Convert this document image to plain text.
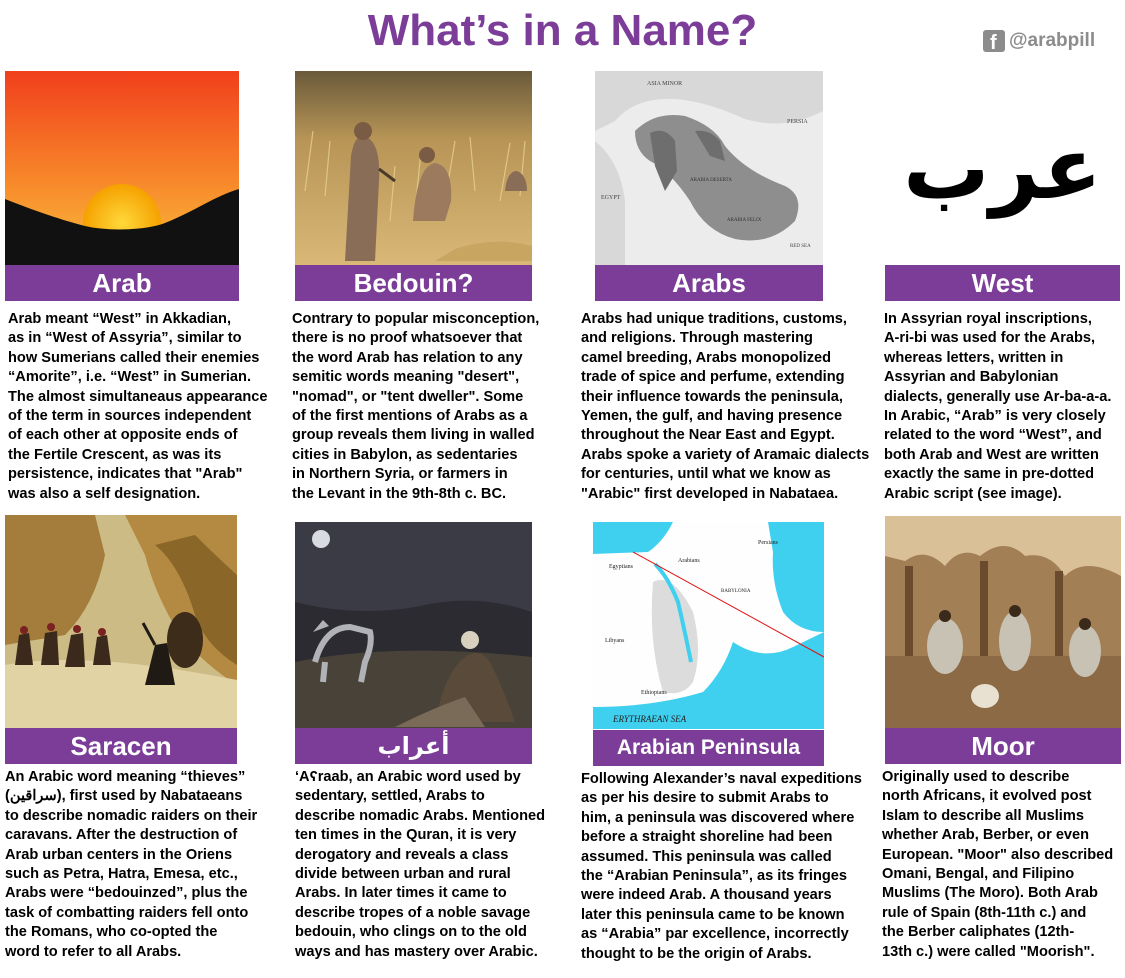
What’s in a Name?	f @arabpill
Arab

Arab meant “West” in Akkadian,

as in “West of Assyria”, similar to

how Sumerians called their enemies

“Amorite”, i.e. “West” in Sumerian.

The almost simultaneaus appearance

of the term in sources independent

of each other at opposite ends of

the Fertile Crescent, as was its

persistence, indicates that "Arab"

was also a self designation.

Bedouin?

Contrary to popular misconception,

there is no proof whatsoever that

the word Arab has relation to any

semitic words meaning "desert",

"nomad", or "tent dweller". Some

of the first mentions of Arabs as a

group reveals them living in walled

cities in Babylon, as sedentaries

in Northern Syria, or farmers in

the Levant in the 9th-8th c. BC.

ASIA MINOR
PERSIA
EGYPT
ARABIA DESERTA
ARABIA FELIX
RED SEA
Arabs

Arabs had unique traditions, customs,

and religions. Through mastering

camel breeding, Arabs monopolized

trade of spice and perfume, extending

their influence towards the peninsula,

Yemen, the gulf, and having presence

throughout the Near East and Egypt.

Arabs spoke a variety of Aramaic dialects

for centuries, until what we know as

"Arabic" first developed in Nabataea.

عرب
West

In Assyrian royal inscriptions,

A-ri-bi was used for the Arabs,

whereas letters, written in

Assyrian and Babylonian

dialects, generally use Ar-ba-a-a.

In Arabic, “Arab” is very closely

related to the word “West”, and

both Arab and West are written

exactly the same in pre-dotted

Arabic script (see image).

Saracen

An Arabic word meaning “thieves”

(سراقين), first used by Nabataeans

to describe nomadic raiders on their

caravans. After the destruction of

Arab urban centers in the Oriens

such as Petra, Hatra, Emesa, etc.,

Arabs were “bedouinzed”, plus the

task of combatting raiders fell onto

the Romans, who co-opted the

word to refer to all Arabs.

أعراب

‘Aʕraab, an Arabic word used by

sedentary, settled, Arabs to

describe nomadic Arabs. Mentioned

ten times in the Quran, it is very

derogatory and reveals a class

divide between urban and rural

Arabs. In later times it came to

describe tropes of a noble savage

bedouin, who clings on to the old

ways and has mastery over Arabic.

ERYTHRAEAN SEA
Persians
Egyptians
Libyans
Ethiopians
BABYLONIA
Arabians
Arabian Peninsula

Following Alexander’s naval expeditions

as per his desire to submit Arabs to

him, a peninsula was discovered where

before a straight shoreline had been

assumed. This peninsula was called

the “Arabian Peninsula”, as its fringes

were indeed Arab. A thousand years

later this peninsula came to be known

as “Arabia” par excellence, incorrectly

thought to be the origin of Arabs.

Moor

Originally used to describe

north Africans, it evolved post

Islam to describe all Muslims

whether Arab, Berber, or even

European. "Moor" also described

Omani, Bengal, and Filipino

Muslims (The Moro). Both Arab

rule of Spain (8th-11th c.) and

the Berber caliphates (12th-

13th c.) were called "Moorish".
